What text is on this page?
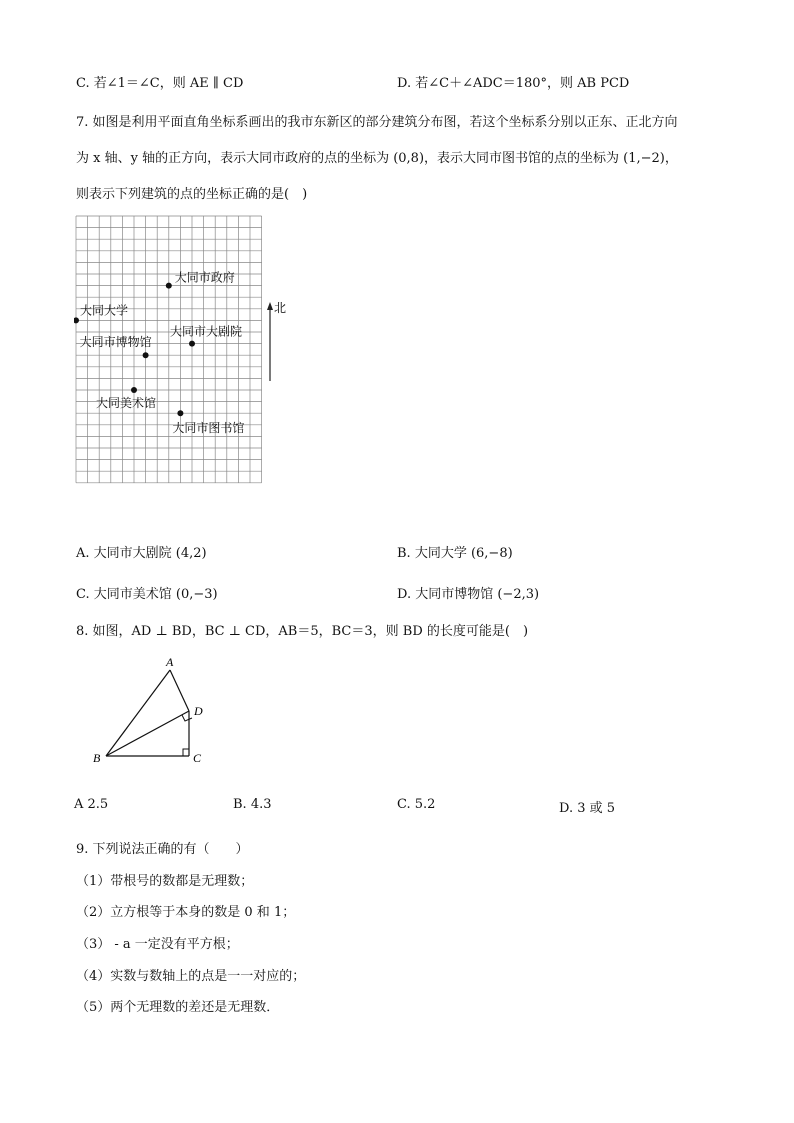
C. 若∠1＝∠C，则 AE ∥ CD	D. 若∠C＋∠ADC＝180°，则 AB PCD
7. 如图是利用平面直角坐标系画出的我市东新区的部分建筑分布图，若这个坐标系分别以正东、正北方向
为 x 轴、y 轴的正方向，表示大同市政府的点的坐标为 (0,8)，表示大同市图书馆的点的坐标为 (1,−2)，
则表示下列建筑的点的坐标正确的是(　)
大同市政府
大同大学
大同市大剧院
大同市博物馆
大同美术馆
大同市图书馆
北
A. 大同市大剧院 (4,2)	B. 大同大学 (6,−8)
C. 大同市美术馆 (0,−3)	D. 大同市博物馆 (−2,3)
8. 如图，AD ⊥ BD，BC ⊥ CD，AB＝5，BC＝3，则 BD 的长度可能是(　)
A
D
B	C
A 2.5	B. 4.3	C. 5.2	D. 3 或 5
9. 下列说法正确的有（　　）
（1）带根号的数都是无理数；
（2）立方根等于本身的数是 0 和 1；
（3） - a 一定没有平方根；
（4）实数与数轴上的点是一一对应的；
（5）两个无理数的差还是无理数．
